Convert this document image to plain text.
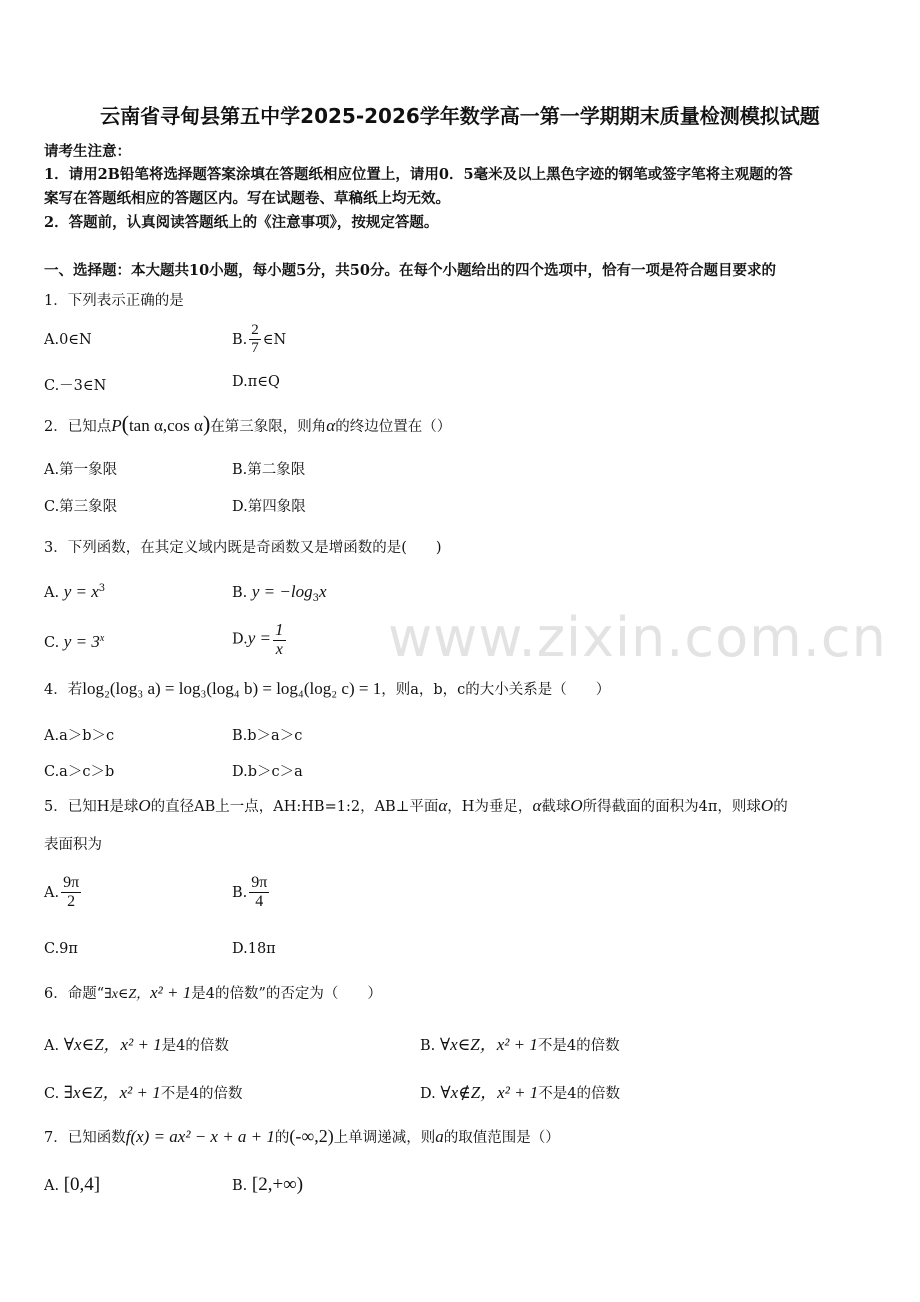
www.zixin.com.cn
云南省寻甸县第五中学2025-2026学年数学高一第一学期期末质量检测模拟试题
请考生注意：
1．请用2B铅笔将选择题答案涂填在答题纸相应位置上，请用0．5毫米及以上黑色字迹的钢笔或签字笔将主观题的答
案写在答题纸相应的答题区内。写在试题卷、草稿纸上均无效。
2．答题前，认真阅读答题纸上的《注意事项》，按规定答题。
一、选择题：本大题共10小题，每小题5分，共50分。在每个小题给出的四个选项中，恰有一项是符合题目要求的
1．下列表示正确的是
A.0∈N	B. $\frac{2}{7}$ ∈N
C.－3∈N	D.π∈Q
2．已知点P(tan α,cos α)在第三象限，则角α的终边位置在（）
A.第一象限	B.第二象限
C.第三象限	D.第四象限
3．下列函数，在其定义域内既是奇函数又是增函数的是(　　)
A. $y = x^3$	B. $y = -\log_3x$
C. $y = 3^x$	$D.y = \frac{1}{x}$
4．若log₂(log₃ a) = log₃(log₄ b) = log₄(log₂ c) = 1，则a，b，c的大小关系是（　　）
A.a＞b＞c	B.b＞a＞c
C.a＞c＞b	D.b＞c＞a
5．已知H是球O的直径AB上一点，AH:HB=1:2，AB⊥平面α，H为垂足，α截球O所得截面的面积为4π，则球O的
表面积为
A. $\frac{9\pi}{2}$	B. $\frac{9\pi}{4}$
C.9π	D.18π
6．命题“∃x∈Z，x² + 1是4的倍数”的否定为（　　）
A. ∀x∈Z，x² + 1是4的倍数	B. ∀x∈Z，x² + 1不是4的倍数
C. ∃x∈Z，x² + 1不是4的倍数	D. ∀x∉Z，x² + 1不是4的倍数
7．已知函数f(x) = ax² − x + a + 1的(-∞,2)上单调递减，则a的取值范围是（）
A. [0,4]	B. [2,+∞)
